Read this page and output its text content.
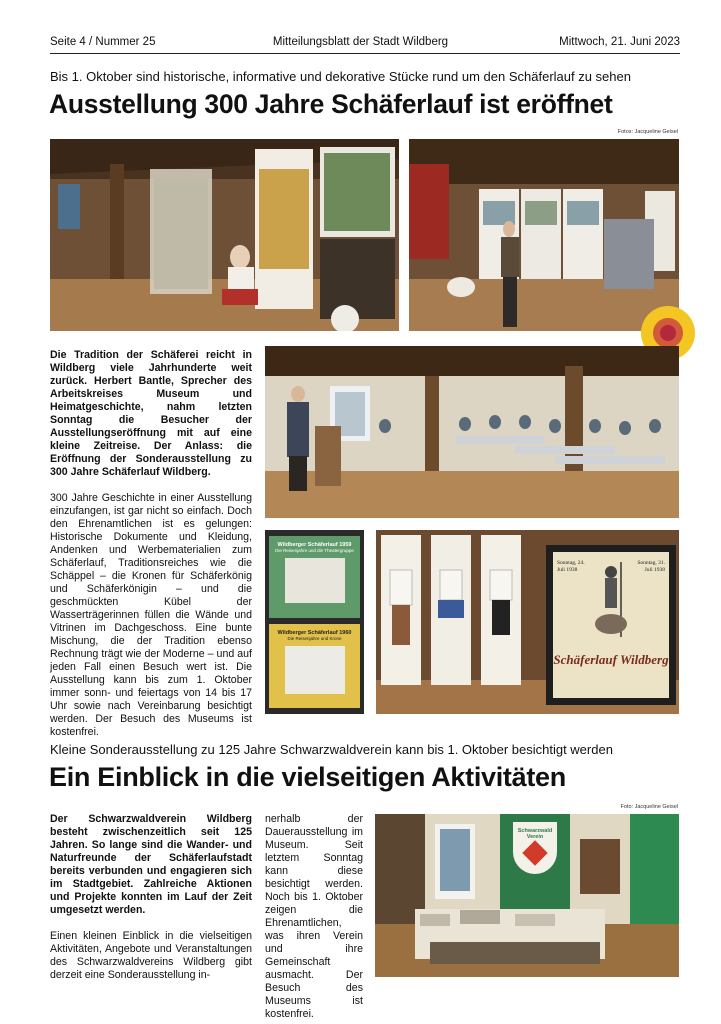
Seite 4 / Nummer 25	Mitteilungsblatt der Stadt Wildberg	Mittwoch, 21. Juni 2023
Bis 1. Oktober sind historische, informative und dekorative Stücke rund um den Schäferlauf zu sehen
Ausstellung 300 Jahre Schäferlauf ist eröffnet
Fotos: Jacqueline Geisel

Die Tradition der Schäferei reicht in Wildberg viele Jahrhunderte weit zurück. Herbert Bantle, Sprecher des Arbeitskreises Museum und Heimatgeschichte, nahm letzten Sonntag die Besucher der Ausstellungseröffnung mit auf eine kleine Zeitreise. Der Anlass: die Eröffnung der Sonderausstellung zu 300 Jahre Schäferlauf Wildberg.

300 Jahre Geschichte in einer Ausstellung einzufangen, ist gar nicht so einfach. Doch den Ehrenamtlichen ist es gelungen: Historische Dokumente und Kleidung, Andenken und Werbematerialien zum Schäferlauf, Traditionsreiches wie die Schäppel – die Kronen für Schäferkönig und Schäferkönigin – und die geschmückten Kübel der Wasserträgerinnen füllen die Wände und Vitrinen im Dachgeschoss. Eine bunte Mischung, die der Tradition ebenso Rechnung trägt wie der Moderne – und auf jeden Fall einen Besuch wert ist. Die Ausstellung kann bis zum 1. Oktober immer sonn- und feiertags von 14 bis 17 Uhr sowie nach Vereinbarung besichtigt werden. Der Besuch des Museums ist kostenfrei.

Wildberger Schäferlauf 1959
Die Reisenjahre und die Theatergruppe
Wildberger Schäferlauf 1960
Die Reisenjahre und Krone
Sonntag, 24. Juli 1938
Sonntag, 31. Juli 1938
Schäferlauf Wildberg
Kleine Sonderausstellung zu 125 Jahre Schwarzwaldverein kann bis 1. Oktober besichtigt werden
Ein Einblick in die vielseitigen Aktivitäten
Foto: Jacqueline Geisel

Der Schwarzwaldverein Wildberg besteht zwischenzeitlich seit 125 Jahren. So lange sind die Wander- und Naturfreunde der Schäferlaufstadt bereits verbunden und engagieren sich im Stadtgebiet. Zahlreiche Aktionen und Projekte konnten im Lauf der Zeit umgesetzt werden.

Einen kleinen Einblick in die vielseitigen Aktivitäten, Angebote und Veranstaltungen des Schwarzwaldvereins Wildberg gibt derzeit eine Sonderausstellung in-

nerhalb der Dauerausstellung im Museum. Seit letztem Sonntag kann diese besichtigt werden. Noch bis 1. Oktober zeigen die Ehrenamtlichen, was ihren Verein und ihre Gemeinschaft ausmacht. Der Besuch des Museums ist kostenfrei.
Schwarzwald Verein
